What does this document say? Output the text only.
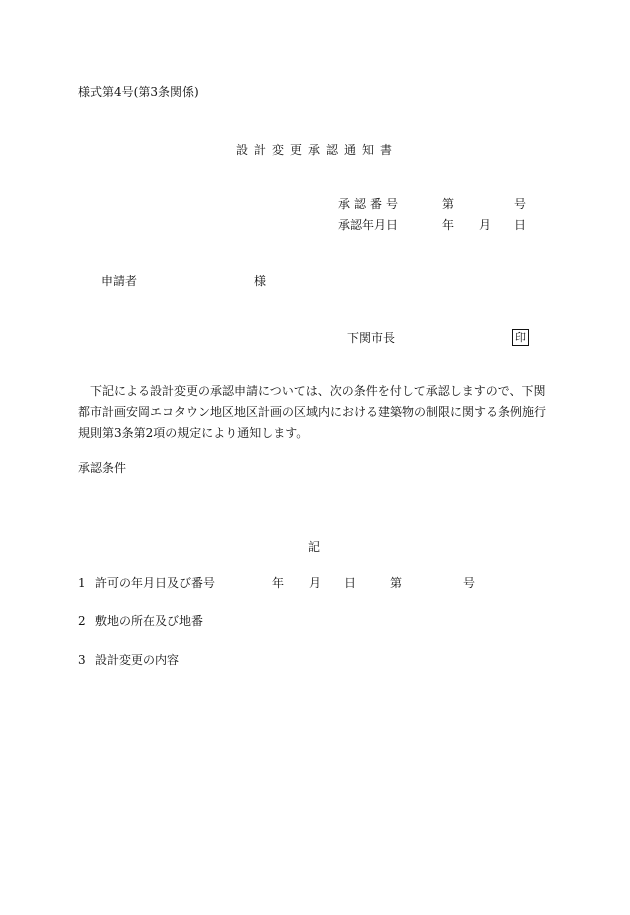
様式第4号(第3条関係)
設計変更承認通知書
承認番号	第	号
承認年月日	年 月 日
申請者	様
下関市長	印
下記による設計変更の承認申請については、次の条件を付して承認しますので、下関都市計画安岡エコタウン地区地区計画の区域内における建築物の制限に関する条例施行規則第3条第2項の規定により通知します。
承認条件
記
1 許可の年月日及び番号	年 月 日	第	号
2 敷地の所在及び地番
3 設計変更の内容
